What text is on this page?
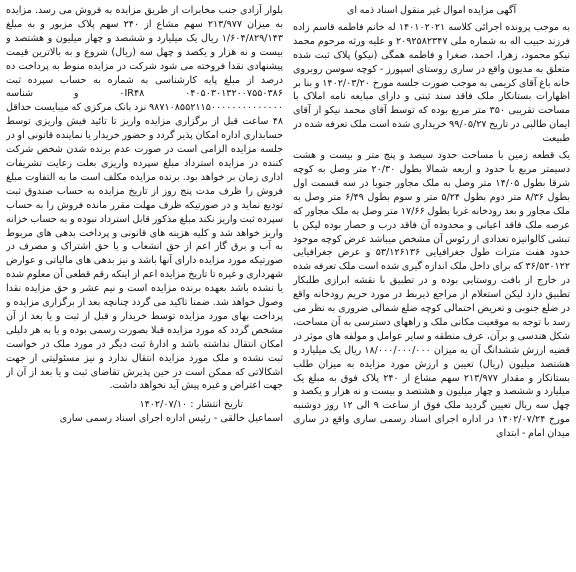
آگهی مزایده اموال غیر منقول اسناد ذمه ای

به موجب پرونده اجرائی کلاسه ۱۴۰۱۰۲۰۲۱ له خانم فاطمه قاسم زاده فرزند حبیب اله به شماره ملی ۲۰۹۲۵۸۲۳۴۷ و علیه ورثه مرحوم محمد نیکو محمود، زهرا، احمد، صغرا و فاطمه همگی (نیکو) پلاک ثبت شده متعلق به مدیون واقع در ساری روستای اسپورز - کوچه سوسن روبروی خانه باغ آقای کریمی به موجب صورت جلسه مورخ ۱۴۰۲/۰۳/۲۰ و بنا بر اظهارات بستانکار ملک فاقد سند ثبتی و دارای مبایعه نامه املاک با مساحت تقریبی ۳۵۰ متر مربع بوده که توسط آقای محمد نیکو از آقای ایمان طالبی در تاریخ ۹۹/۰۵/۲۷ خریداری شده است ملک تعرفه شده در طبیعت

یک قطعه زمین با مساحت حدود سیصد و پنج متر و بیست و هشت دسیمتر مربع با حدود و اربعه شمالا بطول ۲۰/۳۰ متر وصل به کوچه شرقا بطول ۱۴/۰۵ متر وصل به ملک مجاور جنوبا در سه قسمت اول بطول ۸/۳۶ متر دوم بطول ۵/۲۴ متر و سوم بطول ۶/۴۹ متر وصل به ملک مجاور و بعد رودخانه غربا بطول ۱۷/۶۶ متر وصل به ملک مجاور که عرصه ملک فاقد اعیانی و محدوده آن فاقد درب و حصار بوده لیکن با تبشی کالوانیزه تعدادی از رئوس آن مشخص میباشد عرض کوچه موجود حدود هفت مترات طول جغرافیایی ۵۳/۱۲۶۱۳۶ و عرض جغرافیایی ۳۶/۵۳۰۱۲۲ که برای داخل ملک اندازه گیری شده است ملک تعرفه شده در خارج از بافت روستایی بوده و در تطبیق با نقشه ابرازی طلبکار تطبیق دارد لیکن استعلام از مراجع ذیربط در مورد حریم رودخانه واقع در ضلع جنوبی و تعریض احتمالی کوچه ضلع شمالی ضروری به نظر می رسد با توجه به موقعیت مکانی ملک و راههای دسترسی به آن مساحت، شکل هندسی و برآن، عرف منطقه و سایر عوامل و مولفه های موثر در قضیه ارزش ششدانگ آن به میزان ۱۸/۰۰۰/۰۰۰/۰۰۰ ریال یک میلیارد و هشتصد میلیون (ریال) تعیین و ارزش مورد مزایده به میزان طلب بستانکار و مقدار ۲۱۳/۹۷۷ سهم مشاع از ۲۴۰ پلاک فوق به مبلغ یک میلیارد و ششصد و چهار میلیون و هشتصد و بیست و نه هزار و یکصد و چهل سه ریال تعیین گردید ملک فوق از ساعت ۹ الی ۱۲ روز دوشنبه مورخ ۱۴۰۲/۰۷/۲۴ در اداره اجرای اسناد رسمی ساری واقع در ساری میدان امام - ابتدای

بلوار آزادی جنب مخابرات از طریق مزایده به فروش می رسد. مزایده به میزان ۲۱۳/۹۷۷ سهم مشاع از ۲۴۰ سهم پلاک مزبور و به مبلغ ۱/۶۰۴/۸۲۹/۱۴۳ ریال یک میلیارد و ششصد و چهار میلیون و هشتصد و بیست و نه هزار و یکصد و چهل سه (ریال) شروع و به بالاترین قیمت پیشنهادی نقدا فروخته می شود شرکت در مزایده منوط به پرداخت ده درصد از مبلغ پایه کارشناسی به شماره به حساب سپرده ثبت ۰۴۰۵۰۳۰۱۳۲۰۰۷۵۵۰۳۸۶ ۰IR۴۸ و شناسه ۹۸۷۱۰۸۵۵۲۱۱۵۰۰۰۰۰۰۰۰۰۰۰۰۰۰ نزد بانک مرکزی که میبایست حداقل ۴۸ ساعت قبل از برگزاری مزایده واریز تا تائید فیش واریزی توسط حسابداری اداره امکان پذیر گردد و حضور خریدار یا نماینده قانونی او در جلسه مزایده الزامی است در صورت عدم برنده شدن شخص شرکت کننده در مزایده استرداد مبلغ سپرده واریزی بعلت رعایت تشریفات اداری زمان بر خواهد بود. برنده مزایده مکلف است ما به التفاوت مبلغ فروش را ظرف مدت پنج روز از تاریخ مزایده به حساب صندوق ثبت تودیع نماید و در صورتیکه ظرف مهلت مقرر مانده فروش را به حساب سپرده ثبت واریز نکند مبلغ مذکور قابل استرداد نبوده و به حساب خزانه واریز خواهد شد و کلیه هزینه های قانونی و پرداخت بدهی های مربوط به آب و برق گاز اعم از حق انشعاب و یا حق اشتراک و مصرف در صورتیکه مورد مزایده دارای آنها باشد و نیز بدهی های مالیاتی و عوارض شهرداری و غیره تا تاریخ مزایده اعم از اینکه رقم قطعی آن معلوم شده یا نشده باشد بعهده برنده مزایده است و نیم عشر و حق مزایده نقدا وصول خواهد شد. ضمنا تاکید می گردد چنانچه بعد از برگزاری مزایده و پرداخت بهای مورد مزایده توسط خریدار و قبل از ثبت و یا بعد از آن مشخص گردد که مورد مزایده قبلا بصورت رسمی بوده و یا به هر دلیلی امکان انتقال نداشته باشد و ادارهٔ ثبت دیگر در مورد ملک در خواست ثبت نشده و ملک مورد مزایده انتقال ندارد و نیز مسئولیتی از جهت اشکالاتی که ممکن است در حین پذیرش تقاضای ثبت و یا بعد از آن از جهت اعتراض و غیره پیش آید نخواهد داشت.

تاریخ انتشار : ۱۴۰۲/۰۷/۱۰
اسماعیل خالقی - رئیس اداره اجرای اسناد رسمی ساری
